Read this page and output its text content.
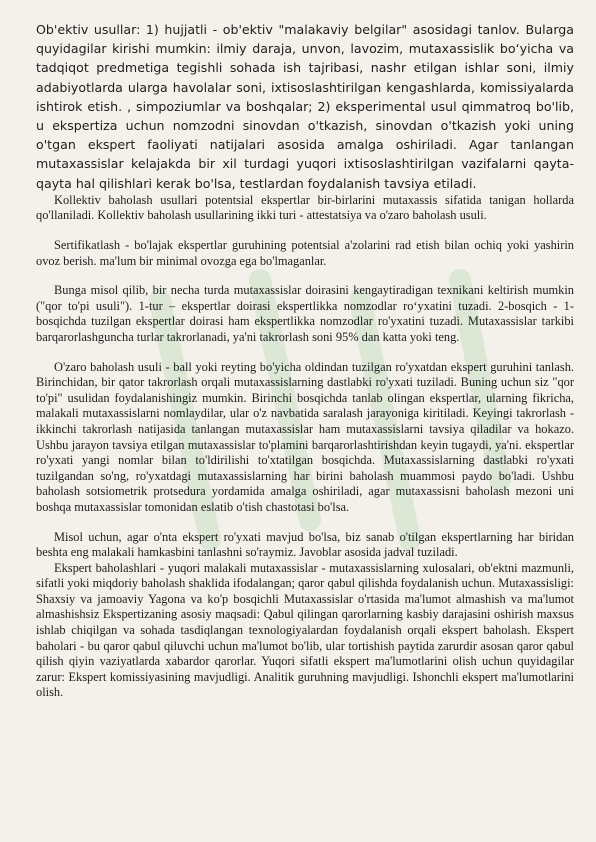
Ob'ektiv usullar: 1) hujjatli - ob'ektiv "malakaviy belgilar" asosidagi tanlov. Bularga quyidagilar kirishi mumkin: ilmiy daraja, unvon, lavozim, mutaxassislik bo‘yicha va tadqiqot predmetiga tegishli sohada ish tajribasi, nashr etilgan ishlar soni, ilmiy adabiyotlarda ularga havolalar soni, ixtisoslashtirilgan kengashlarda, komissiyalarda ishtirok etish. , simpoziumlar va boshqalar; 2) eksperimental usul qimmatroq bo'lib, u ekspertiza uchun nomzodni sinovdan o'tkazish, sinovdan o'tkazish yoki uning o'tgan ekspert faoliyati natijalari asosida amalga oshiriladi. Agar tanlangan mutaxassislar kelajakda bir xil turdagi yuqori ixtisoslashtirilgan vazifalarni qayta-qayta hal qilishlari kerak bo'lsa, testlardan foydalanish tavsiya etiladi.

Kollektiv baholash usullari potentsial ekspertlar bir-birlarini mutaxassis sifatida tanigan hollarda qo'llaniladi. Kollektiv baholash usullarining ikki turi - attestatsiya va o'zaro baholash usuli.

Sertifikatlash - bo'lajak ekspertlar guruhining potentsial a'zolarini rad etish bilan ochiq yoki yashirin ovoz berish. ma'lum bir minimal ovozga ega bo'lmaganlar.

Bunga misol qilib, bir necha turda mutaxassislar doirasini kengaytiradigan texnikani keltirish mumkin ("qor to'pi usuli"). 1-tur – ekspertlar doirasi ekspertlikka nomzodlar ro‘yxatini tuzadi. 2-bosqich - 1-bosqichda tuzilgan ekspertlar doirasi ham ekspertlikka nomzodlar ro'yxatini tuzadi. Mutaxassislar tarkibi barqarorlashguncha turlar takrorlanadi, ya'ni takrorlash soni 95% dan katta yoki teng.

O'zaro baholash usuli - ball yoki reyting bo'yicha oldindan tuzilgan ro'yxatdan ekspert guruhini tanlash. Birinchidan, bir qator takrorlash orqali mutaxassislarning dastlabki ro'yxati tuziladi. Buning uchun siz "qor to'pi" usulidan foydalanishingiz mumkin. Birinchi bosqichda tanlab olingan ekspertlar, ularning fikricha, malakali mutaxassislarni nomlaydilar, ular o'z navbatida saralash jarayoniga kiritiladi. Keyingi takrorlash - ikkinchi takrorlash natijasida tanlangan mutaxassislar ham mutaxassislarni tavsiya qiladilar va hokazo. Ushbu jarayon tavsiya etilgan mutaxassislar to'plamini barqarorlashtirishdan keyin tugaydi, ya'ni. ekspertlar ro'yxati yangi nomlar bilan to'ldirilishi to'xtatilgan bosqichda. Mutaxassislarning dastlabki ro'yxati tuzilgandan so'ng, ro'yxatdagi mutaxassislarning har birini baholash muammosi paydo bo'ladi. Ushbu baholash sotsiometrik protsedura yordamida amalga oshiriladi, agar mutaxassisni baholash mezoni uni boshqa mutaxassislar tomonidan eslatib o'tish chastotasi bo'lsa.

Misol uchun, agar o'nta ekspert ro'yxati mavjud bo'lsa, biz sanab o'tilgan ekspertlarning har biridan beshta eng malakali hamkasbini tanlashni so'raymiz. Javoblar asosida jadval tuziladi.

Ekspert baholashlari - yuqori malakali mutaxassislar - mutaxassislarning xulosalari, ob'ektni mazmunli, sifatli yoki miqdoriy baholash shaklida ifodalangan; qaror qabul qilishda foydalanish uchun. Mutaxassisligi: Shaxsiy va jamoaviy Yagona va ko'p bosqichli Mutaxassislar o'rtasida ma'lumot almashish va ma'lumot almashishsiz Ekspertizaning asosiy maqsadi: Qabul qilingan qarorlarning kasbiy darajasini oshirish maxsus ishlab chiqilgan va sohada tasdiqlangan texnologiyalardan foydalanish orqali ekspert baholash. Ekspert baholari - bu qaror qabul qiluvchi uchun ma'lumot bo'lib, ular tortishish paytida zarurdir asosan qaror qabul qilish qiyin vaziyatlarda xabardor qarorlar. Yuqori sifatli ekspert ma'lumotlarini olish uchun quyidagilar zarur: Ekspert komissiyasining mavjudligi. Analitik guruhning mavjudligi. Ishonchli ekspert ma'lumotlarini olish.
